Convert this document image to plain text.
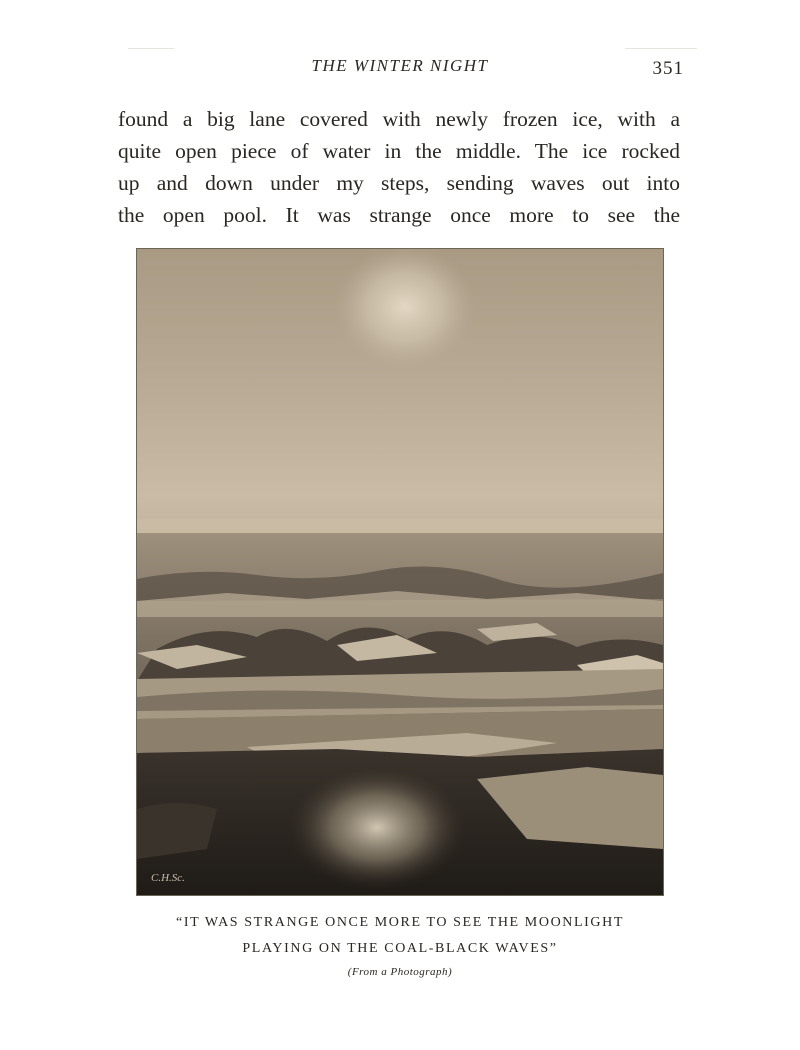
THE WINTER NIGHT	351
found a big lane covered with newly frozen ice, with a
quite open piece of water in the middle. The ice rocked
up and down under my steps, sending waves out into
the open pool. It was strange once more to see the
C.H.Sc.
“IT WAS STRANGE ONCE MORE TO SEE THE MOONLIGHT
PLAYING ON THE COAL-BLACK WAVES”
(From a Photograph)
